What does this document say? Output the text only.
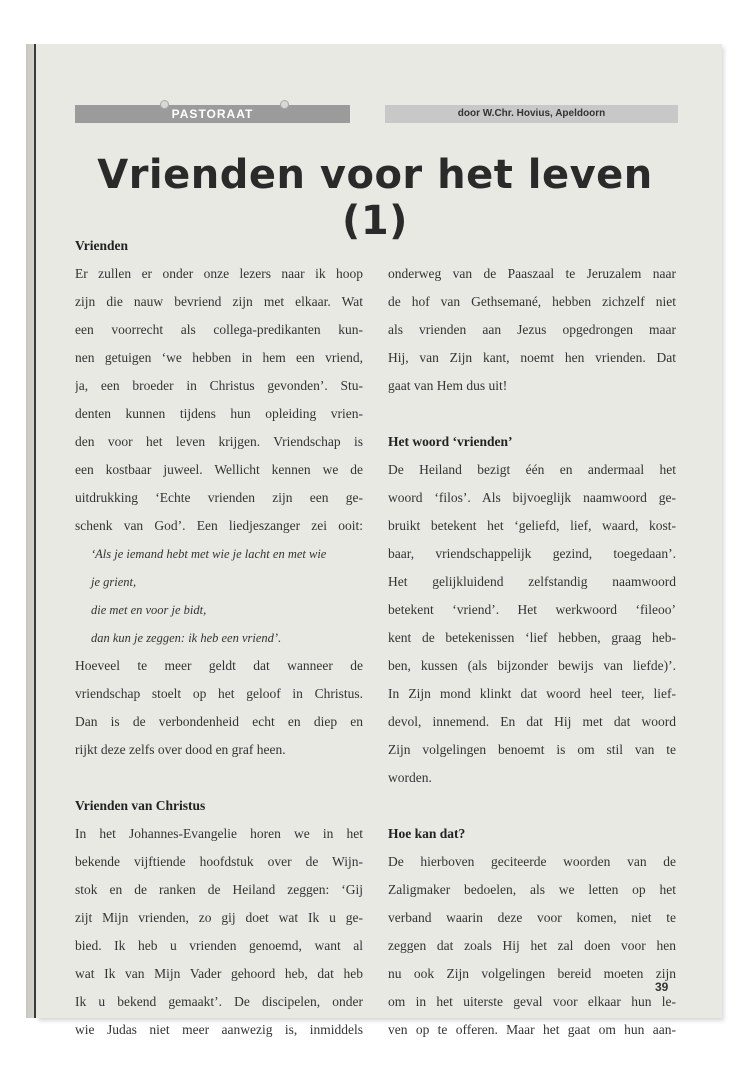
PASTORAAT	door W.Chr. Hovius, Apeldoorn
Vrienden voor het leven (1)
Vrienden
Er zullen er onder onze lezers naar ik hoop
zijn die nauw bevriend zijn met elkaar. Wat
een voorrecht als collega-predikanten kun-
nen getuigen ‘we hebben in hem een vriend,
ja, een broeder in Christus gevonden’. Stu-
denten kunnen tijdens hun opleiding vrien-
den voor het leven krijgen. Vriendschap is
een kostbaar juweel. Wellicht kennen we de
uitdrukking ‘Echte vrienden zijn een ge-
schenk van God’. Een liedjeszanger zei ooit:
‘Als je iemand hebt met wie je lacht en met wie
je grient,
die met en voor je bidt,
dan kun je zeggen: ik heb een vriend’.
Hoeveel te meer geldt dat wanneer de
vriendschap stoelt op het geloof in Christus.
Dan is de verbondenheid echt en diep en
rijkt deze zelfs over dood en graf heen.
Vrienden van Christus
In het Johannes-Evangelie horen we in het
bekende vijftiende hoofdstuk over de Wijn-
stok en de ranken de Heiland zeggen: ‘Gij
zijt Mijn vrienden, zo gij doet wat Ik u ge-
bied. Ik heb u vrienden genoemd, want al
wat Ik van Mijn Vader gehoord heb, dat heb
Ik u bekend gemaakt’. De discipelen, onder
wie Judas niet meer aanwezig is, inmiddels
onderweg van de Paaszaal te Jeruzalem naar
de hof van Gethsemané, hebben zichzelf niet
als vrienden aan Jezus opgedrongen maar
Hij, van Zijn kant, noemt hen vrienden. Dat
gaat van Hem dus uit!
Het woord ‘vrienden’
De Heiland bezigt één en andermaal het
woord ‘filos’. Als bijvoeglijk naamwoord ge-
bruikt betekent het ‘geliefd, lief, waard, kost-
baar, vriendschappelijk gezind, toegedaan’.
Het gelijkluidend zelfstandig naamwoord
betekent ‘vriend’. Het werkwoord ‘fileoo’
kent de betekenissen ‘lief hebben, graag heb-
ben, kussen (als bijzonder bewijs van liefde)’.
In Zijn mond klinkt dat woord heel teer, lief-
devol, innemend. En dat Hij met dat woord
Zijn volgelingen benoemt is om stil van te
worden.
Hoe kan dat?
De hierboven geciteerde woorden van de
Zaligmaker bedoelen, als we letten op het
verband waarin deze voor komen, niet te
zeggen dat zoals Hij het zal doen voor hen
nu ook Zijn volgelingen bereid moeten zijn
om in het uiterste geval voor elkaar hun le-
ven op te offeren. Maar het gaat om hun aan-
39
